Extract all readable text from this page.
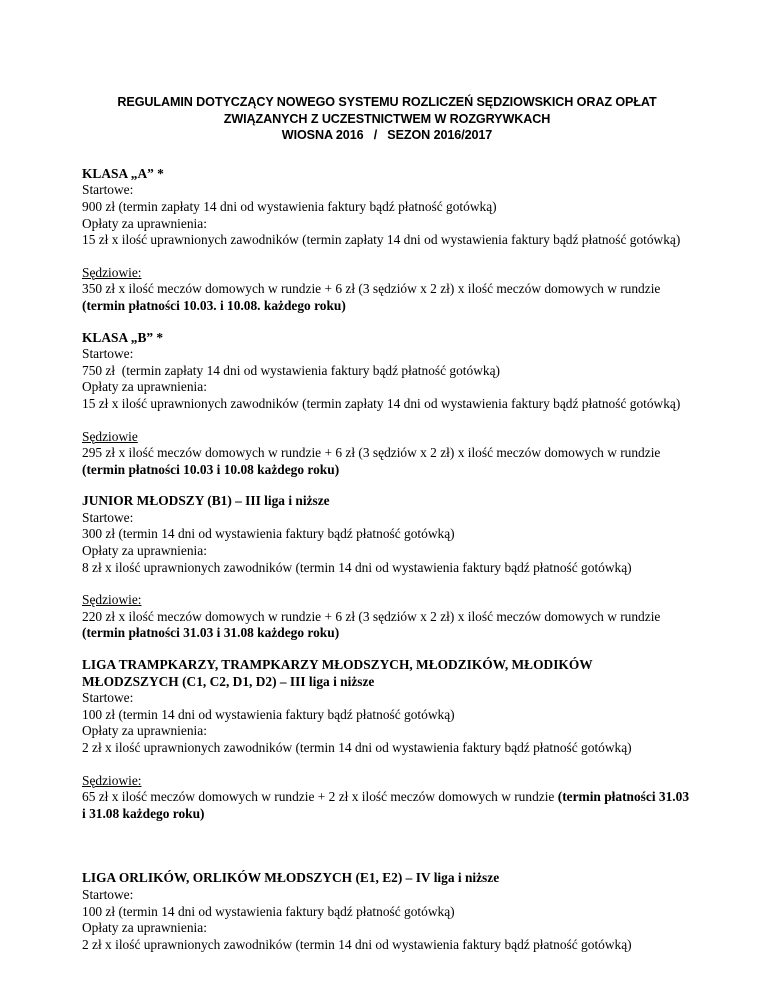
REGULAMIN DOTYCZĄCY NOWEGO SYSTEMU ROZLICZEŃ SĘDZIOWSKICH ORAZ OPŁAT
ZWIĄZANYCH Z UCZESTNICTWEM W ROZGRYWKACH
WIOSNA 2016   /   SEZON 2016/2017
KLASA „A” *
Startowe:
900 zł (termin zapłaty 14 dni od wystawienia faktury bądź płatność gotówką)
Opłaty za uprawnienia:
15 zł x ilość uprawnionych zawodników (termin zapłaty 14 dni od wystawienia faktury bądź płatność gotówką)
Sędziowie:
350 zł x ilość meczów domowych w rundzie + 6 zł (3 sędziów x 2 zł) x ilość meczów domowych w rundzie (termin płatności 10.03. i 10.08. każdego roku)
KLASA „B” *
Startowe:
750 zł  (termin zapłaty 14 dni od wystawienia faktury bądź płatność gotówką)
Opłaty za uprawnienia:
15 zł x ilość uprawnionych zawodników (termin zapłaty 14 dni od wystawienia faktury bądź płatność gotówką)
Sędziowie
295 zł x ilość meczów domowych w rundzie + 6 zł (3 sędziów x 2 zł) x ilość meczów domowych w rundzie (termin płatności 10.03 i 10.08 każdego roku)
JUNIOR MŁODSZY (B1) – III liga i niższe
Startowe:
300 zł (termin 14 dni od wystawienia faktury bądź płatność gotówką)
Opłaty za uprawnienia:
8 zł x ilość uprawnionych zawodników (termin 14 dni od wystawienia faktury bądź płatność gotówką)
Sędziowie:
220 zł x ilość meczów domowych w rundzie + 6 zł (3 sędziów x 2 zł) x ilość meczów domowych w rundzie (termin płatności 31.03 i 31.08 każdego roku)
LIGA TRAMPKARZY, TRAMPKARZY MŁODSZYCH, MŁODZIKÓW, MŁODIKÓW MŁODZSZYCH (C1, C2, D1, D2) – III liga i niższe
Startowe:
100 zł (termin 14 dni od wystawienia faktury bądź płatność gotówką)
Opłaty za uprawnienia:
2 zł x ilość uprawnionych zawodników (termin 14 dni od wystawienia faktury bądź płatność gotówką)
Sędziowie:
65 zł x ilość meczów domowych w rundzie + 2 zł x ilość meczów domowych w rundzie (termin płatności 31.03 i 31.08 każdego roku)
LIGA ORLIKÓW, ORLIKÓW MŁODSZYCH (E1, E2) – IV liga i niższe
Startowe:
100 zł (termin 14 dni od wystawienia faktury bądź płatność gotówką)
Opłaty za uprawnienia:
2 zł x ilość uprawnionych zawodników (termin 14 dni od wystawienia faktury bądź płatność gotówką)
